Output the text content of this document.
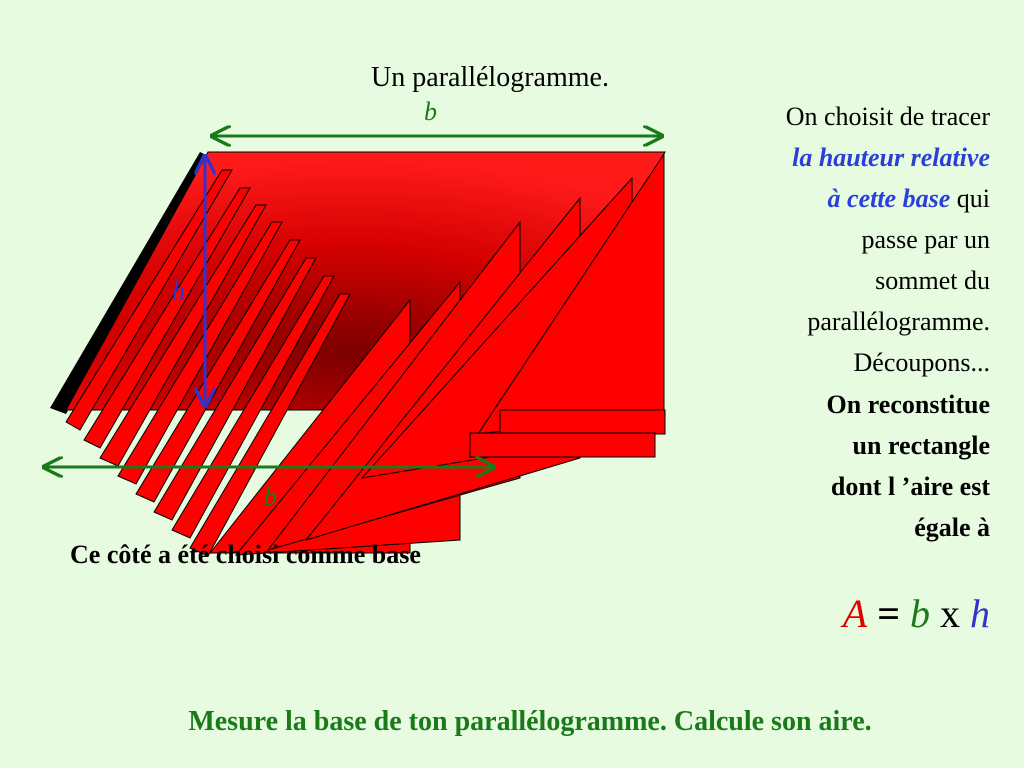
Un parallélogramme.
b
h
b
Ce côté a été choisi comme base
On choisit de tracer
la hauteur relative
à cette base qui
passe par un
sommet du
parallélogramme.
Découpons...
On reconstitue
un rectangle
dont l ’aire est
égale à
A = b x h
Mesure la base de ton parallélogramme. Calcule son aire.
